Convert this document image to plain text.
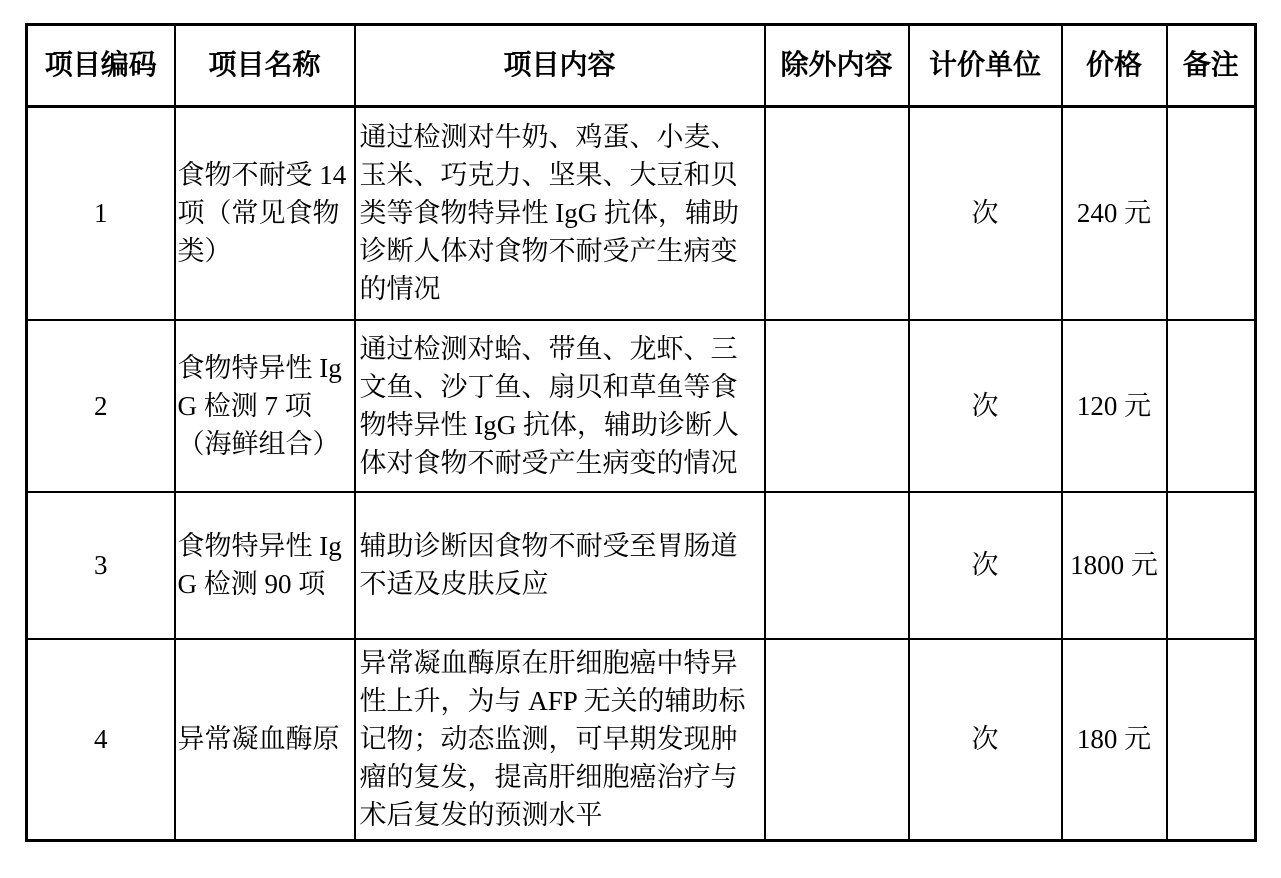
项目编码	项目名称	项目内容	除外内容	计价单位	价格	备注
1	食物不耐受 14 项（常见食物类）	通过检测对牛奶、鸡蛋、小麦、玉米、巧克力、坚果、大豆和贝类等食物特异性 IgG 抗体，辅助诊断人体对食物不耐受产生病变的情况		次	240 元	
2	食物特异性 IgG 检测 7 项 （海鲜组合）	通过检测对蛤、带鱼、龙虾、三文鱼、沙丁鱼、扇贝和草鱼等食物特异性 IgG 抗体，辅助诊断人体对食物不耐受产生病变的情况		次	120 元	
3	食物特异性 IgG 检测 90 项	辅助诊断因食物不耐受至胃肠道不适及皮肤反应		次	1800 元	
4	异常凝血酶原	异常凝血酶原在肝细胞癌中特异性上升，为与 AFP 无关的辅助标记物；动态监测，可早期发现肿瘤的复发，提高肝细胞癌治疗与术后复发的预测水平		次	180 元	
